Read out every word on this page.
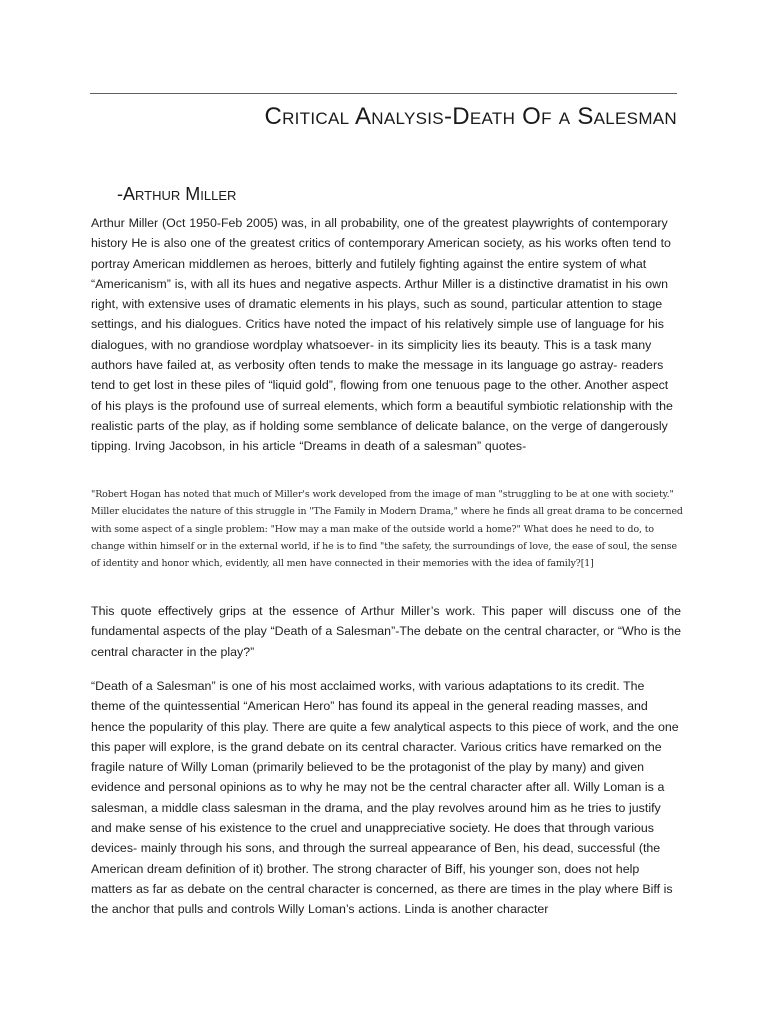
Critical Analysis-Death Of a Salesman
-Arthur Miller

Arthur Miller (Oct 1950-Feb 2005) was, in all probability, one of the greatest playwrights of contemporary history He is also one of the greatest critics of contemporary American society, as his works often tend to portray American middlemen as heroes, bitterly and futilely fighting against the entire system of what “Americanism” is, with all its hues and negative aspects. Arthur Miller is a distinctive dramatist in his own right, with extensive uses of dramatic elements in his plays, such as sound, particular attention to stage settings, and his dialogues. Critics have noted the impact of his relatively simple use of language for his dialogues, with no grandiose wordplay whatsoever- in its simplicity lies its beauty. This is a task many authors have failed at, as verbosity often tends to make the message in its language go astray- readers tend to get lost in these piles of “liquid gold”, flowing from one tenuous page to the other. Another aspect of his plays is the profound use of surreal elements, which form a beautiful symbiotic relationship with the realistic parts of the play, as if holding some semblance of delicate balance, on the verge of dangerously tipping. Irving Jacobson, in his article “Dreams in death of a salesman” quotes-

"Robert Hogan has noted that much of Miller's work developed from the image of man "struggling to be at one with society." Miller elucidates the nature of this struggle in "The Family in Modern Drama," where he finds all great drama to be concerned with some aspect of a single problem: "How may a man make of the outside world a home?" What does he need to do, to change within himself or in the external world, if he is to find "the safety, the surroundings of love, the ease of soul, the sense of identity and honor which, evidently, all men have connected in their memories with the idea of family?[1]

This quote effectively grips at the essence of Arthur Miller’s work. This paper will discuss one of the fundamental aspects of the play “Death of a Salesman”-The debate on the central character, or “Who is the central character in the play?”

“Death of a Salesman” is one of his most acclaimed works, with various adaptations to its credit. The theme of the quintessential “American Hero” has found its appeal in the general reading masses, and hence the popularity of this play. There are quite a few analytical aspects to this piece of work, and the one this paper will explore, is the grand debate on its central character. Various critics have remarked on the fragile nature of Willy Loman (primarily believed to be the protagonist of the play by many) and given evidence and personal opinions as to why he may not be the central character after all. Willy Loman is a salesman, a middle class salesman in the drama, and the play revolves around him as he tries to justify and make sense of his existence to the cruel and unappreciative society. He does that through various devices- mainly through his sons, and through the surreal appearance of Ben, his dead, successful (the American dream definition of it) brother. The strong character of Biff, his younger son, does not help matters as far as debate on the central character is concerned, as there are times in the play where Biff is the anchor that pulls and controls Willy Loman’s actions. Linda is another character
